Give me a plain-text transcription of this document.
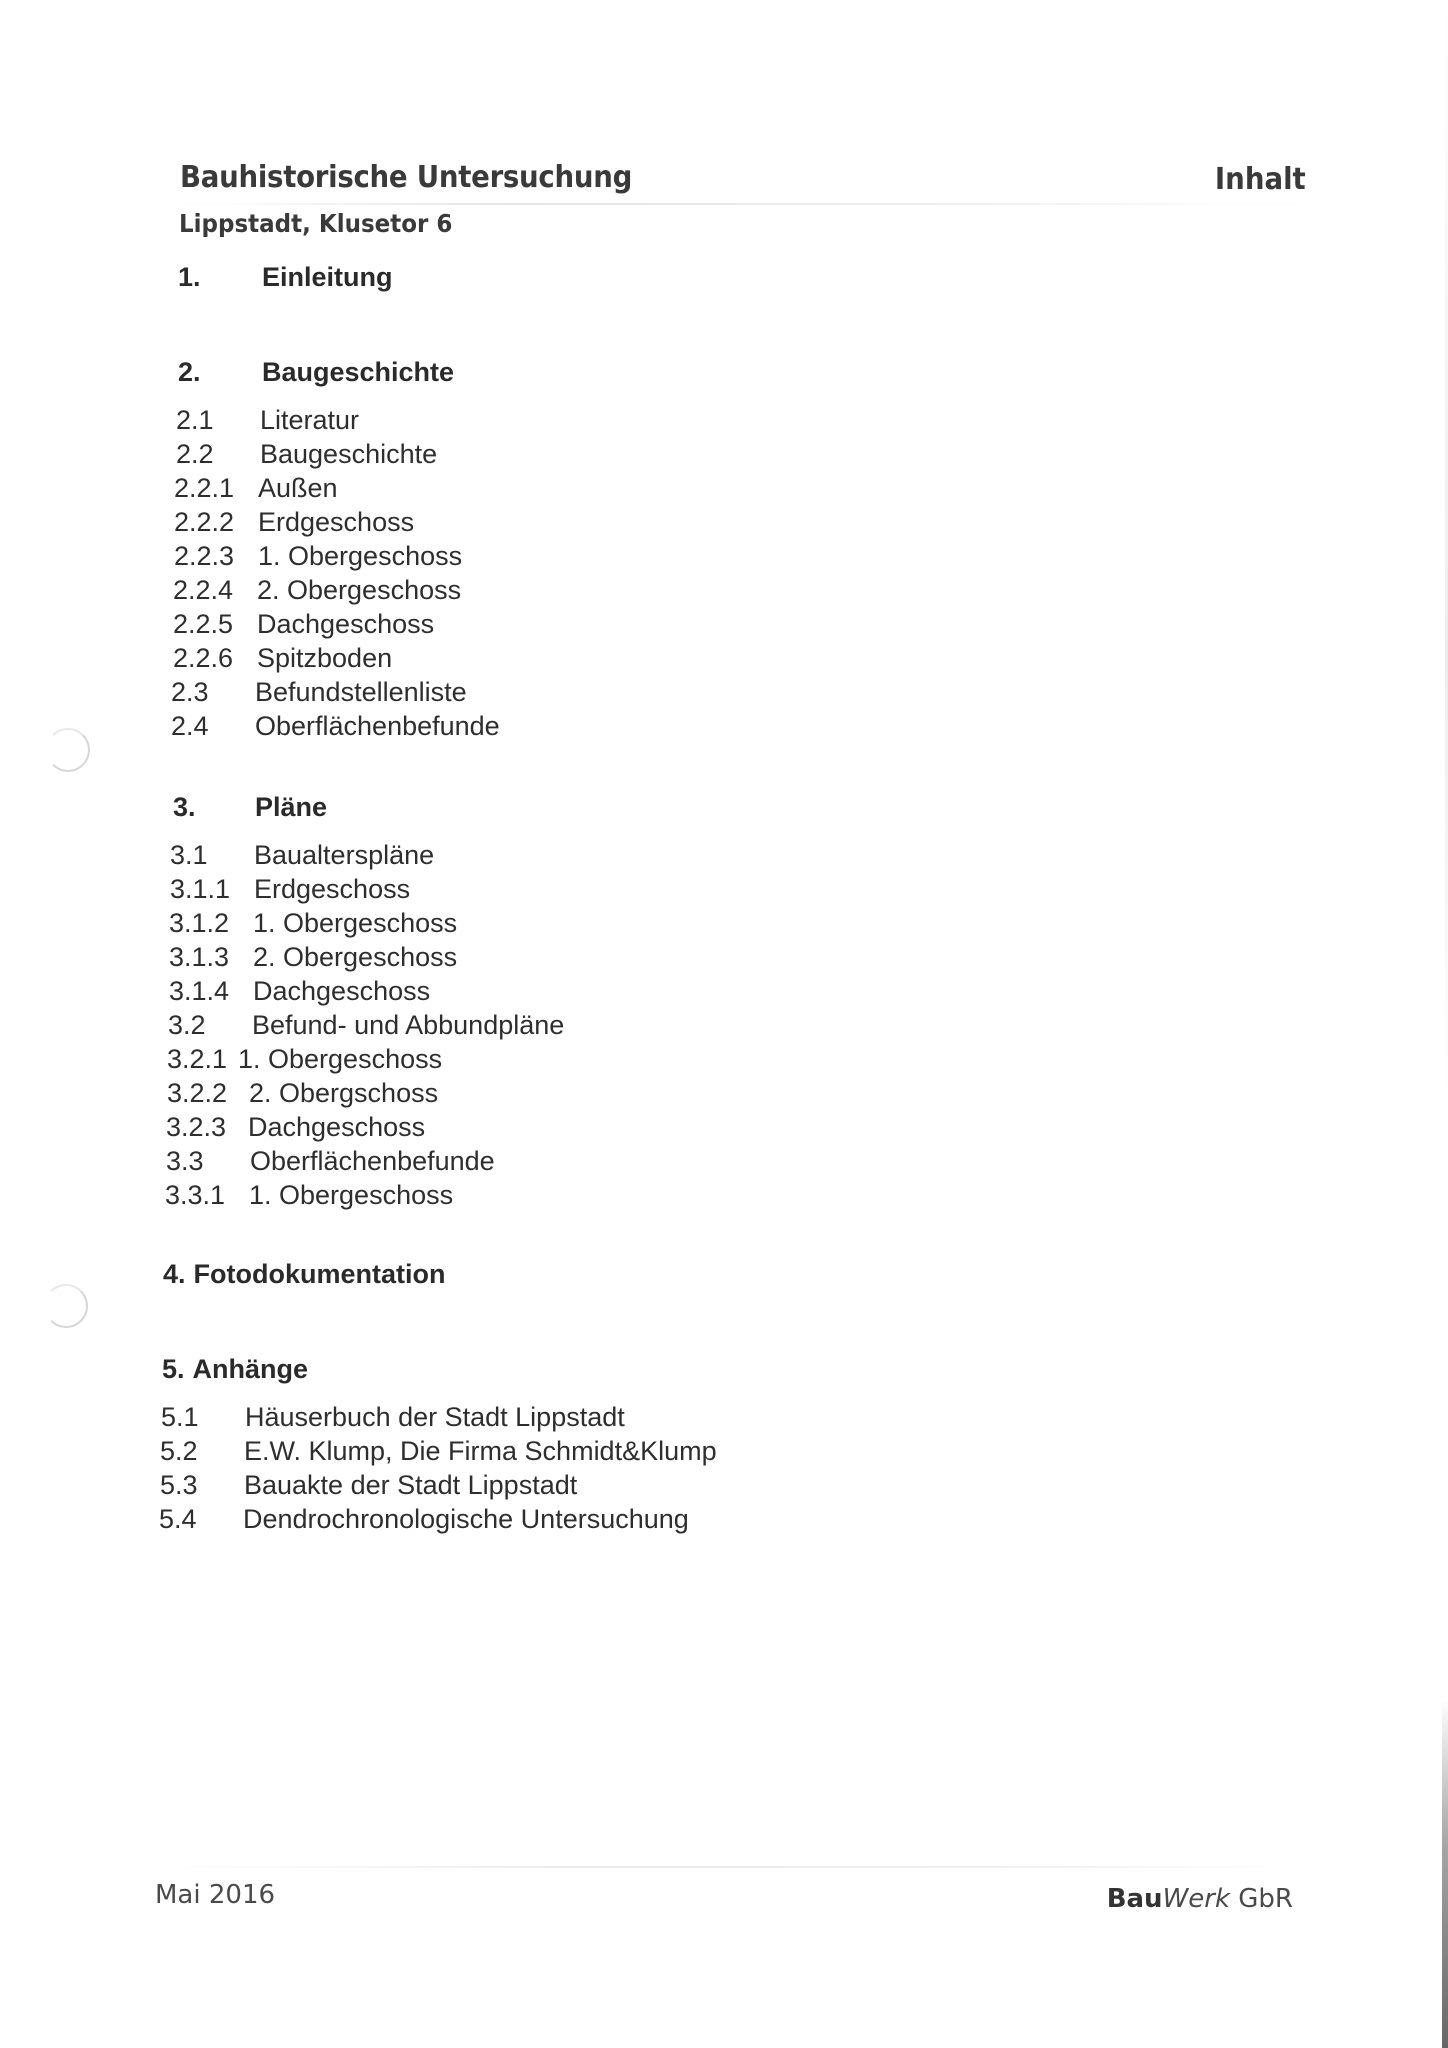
Bauhistorische Untersuchung
Lippstadt, Klusetor 6
Inhalt
1. Einleitung
2. Baugeschichte
2.1 Literatur
2.2 Baugeschichte
2.2.1 Außen
2.2.2 Erdgeschoss
2.2.3 1. Obergeschoss
2.2.4 2. Obergeschoss
2.2.5 Dachgeschoss
2.2.6 Spitzboden
2.3 Befundstellenliste
2.4 Oberflächenbefunde
3. Pläne
3.1 Baualterspläne
3.1.1 Erdgeschoss
3.1.2 1. Obergeschoss
3.1.3 2. Obergeschoss
3.1.4 Dachgeschoss
3.2 Befund- und Abbundpläne
3.2.1 1. Obergeschoss
3.2.2 2. Obergschoss
3.2.3 Dachgeschoss
3.3 Oberflächenbefunde
3.3.1 1. Obergeschoss
4. Fotodokumentation
5. Anhänge
5.1 Häuserbuch der Stadt Lippstadt
5.2 E.W. Klump, Die Firma Schmidt&Klump
5.3 Bauakte der Stadt Lippstadt
5.4 Dendrochronologische Untersuchung
Mai 2016	BauWerk GbR
